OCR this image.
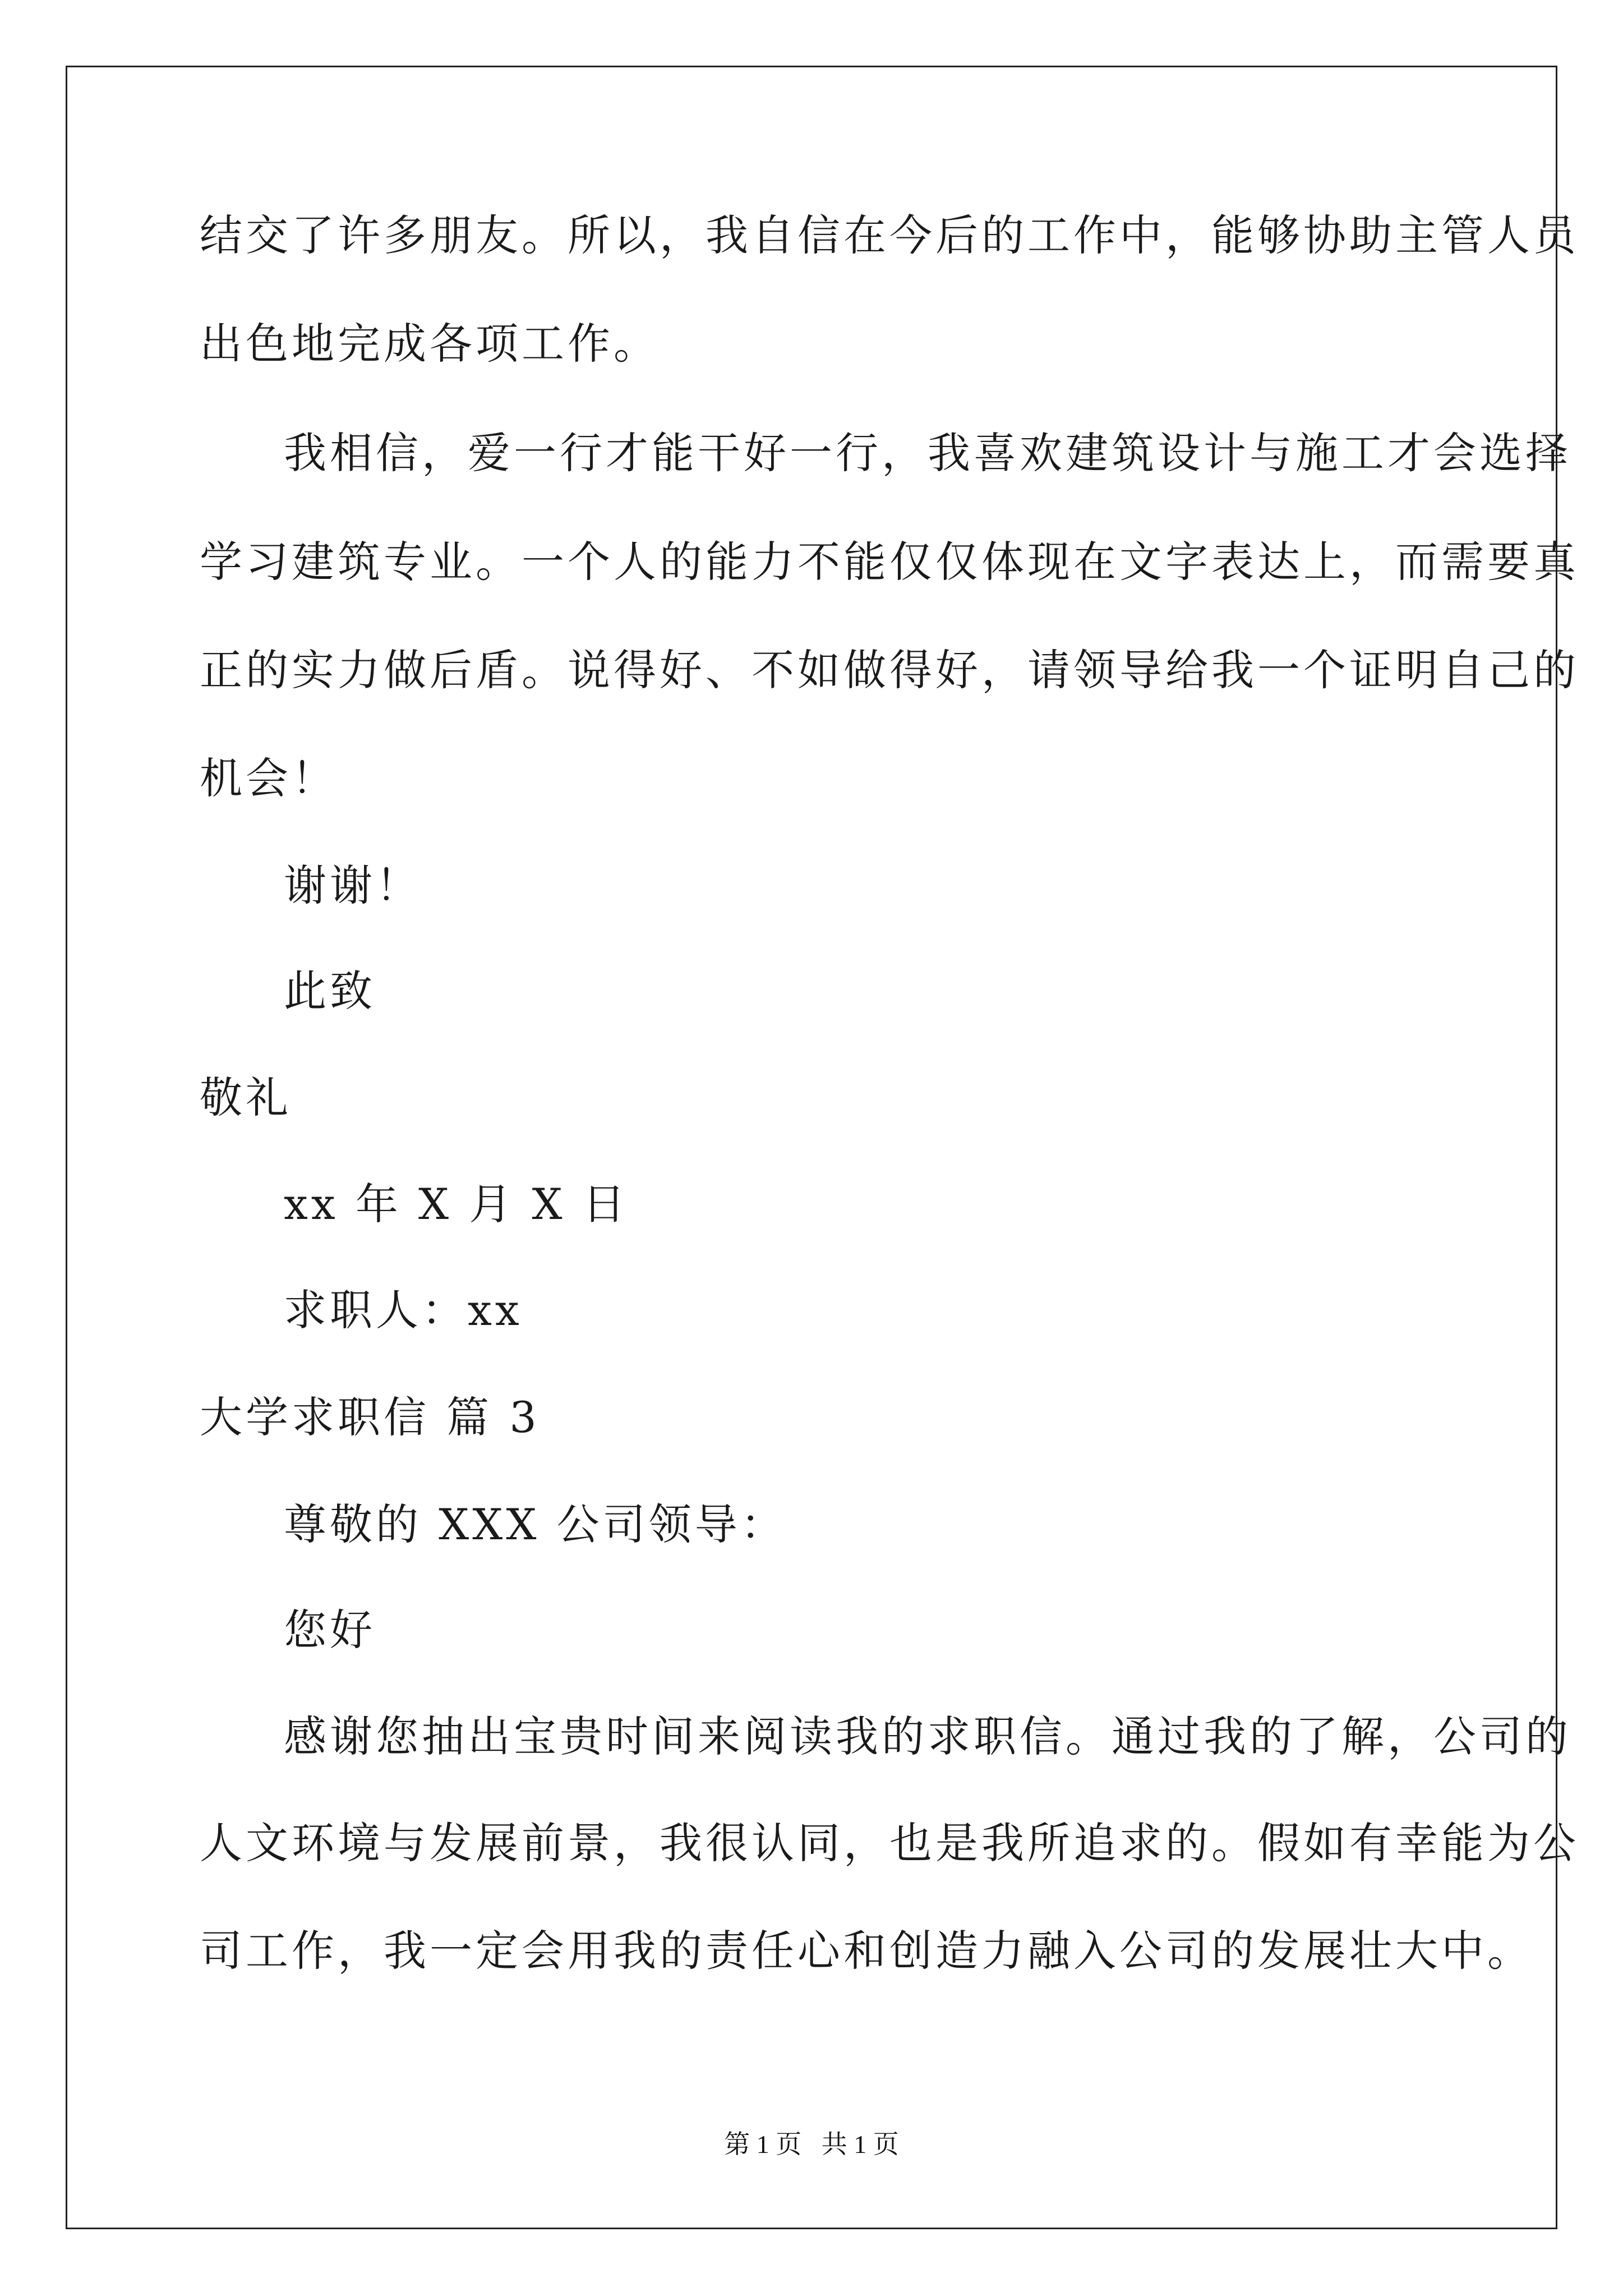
结交了许多朋友。所以，我自信在今后的工作中，能够协助主管人员
出色地完成各项工作。
我相信，爱一行才能干好一行，我喜欢建筑设计与施工才会选择
学习建筑专业。一个人的能力不能仅仅体现在文字表达上，而需要真
正的实力做后盾。说得好、不如做得好，请领导给我一个证明自己的
机会！
谢谢！
此致
敬礼
xx 年 X 月 X 日
求职人：xx
大学求职信 篇 3
尊敬的 XXX 公司领导：
您好
感谢您抽出宝贵时间来阅读我的求职信。通过我的了解，公司的
人文环境与发展前景，我很认同，也是我所追求的。假如有幸能为公
司工作，我一定会用我的责任心和创造力融入公司的发展壮大中。
第 1 页 共 1 页
